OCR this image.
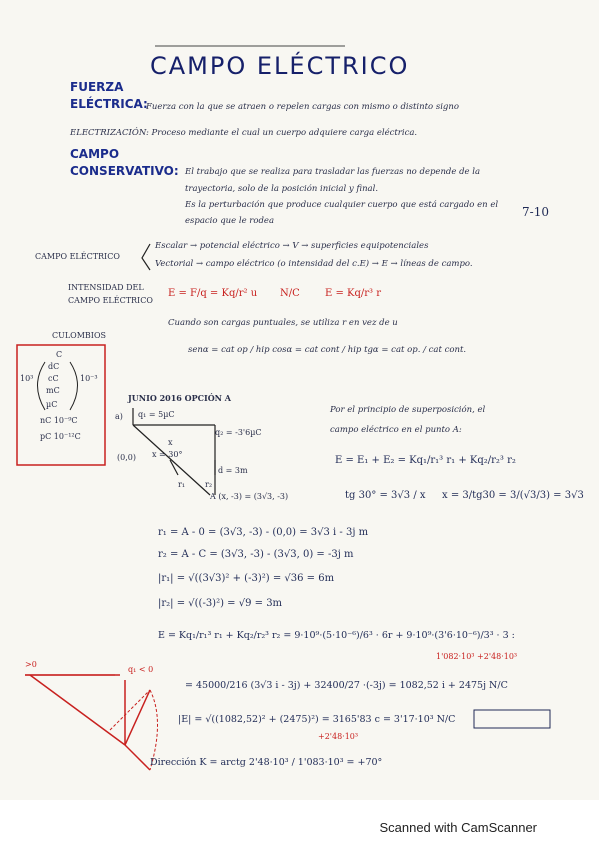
CAMPO ELÉCTRICO
FUERZA
ELÉCTRICA:
Fuerza con la que se atraen o repelen cargas con mismo o distinto signo
ELECTRIZACIÓN: Proceso mediante el cual un cuerpo adquiere carga eléctrica.
CAMPO
CONSERVATIVO: El trabajo que se realiza para trasladar las fuerzas no depende de la
trayectoria, solo de la posición inicial y final.
Es la perturbación que produce cualquier cuerpo que está cargado en el
espacio que le rodea
7-10
CAMPO ELÉCTRICO
Escalar → potencial eléctrico → V → superficies equipotenciales
Vectorial → campo eléctrico (o intensidad del c.E) → E → líneas de campo.
INTENSIDAD DEL
CAMPO ELÉCTRICO
E = F/q = Kq/r² u N/C	E = Kq/r³ r
Cuando son cargas puntuales, se utiliza r en vez de u
CULOMBIOS
C
dC
cC
mC
µC
nC 10⁻⁹C
pC 10⁻¹²C
10³	10⁻³
senα = cat op / hip cosα = cat cont / hip tgα = cat op. / cat cont.
JUNIO 2016 OPCIÓN A
a) q₁ = 5µC
q₂ = -3'6µC
(0,0) x = 30°
x
d = 3m
r₁ r₂
A (x, -3) = (3√3, -3)
Por el principio de superposición, el
campo eléctrico en el punto A:
E = E₁ + E₂ = Kq₁/r₁³ r₁ + Kq₂/r₂³ r₂
tg 30° = 3√3 / x x = 3/tg30 = 3/(√3/3) = 3√3
r₁ = A - 0 = (3√3, -3) - (0,0) = 3√3 i - 3j m
r₂ = A - C = (3√3, -3) - (3√3, 0) = -3j m
|r₁| = √((3√3)² + (-3)²) = √36 = 6m
|r₂| = √((-3)²) = √9 = 3m
E = Kq₁/r₁³ r₁ + Kq₂/r₂³ r₂ = 9·10⁹·(5·10⁻⁶)/6³ · 6r + 9·10⁹·(3'6·10⁻⁶)/3³ · 3 :
1'082·10³ +2'48·10³
= 45000/216 (3√3 i - 3j) + 32400/27 ·(-3j) = 1082,52 i + 2475j N/C
|E| = √((1082,52)² + (2475)²) = 3165'83 c = 3'17·10³ N/C
+2'48·10³
Dirección K = arctg 2'48·10³ / 1'083·10³ = +70°
>0
q₁ < 0
Scanned with CamScanner
